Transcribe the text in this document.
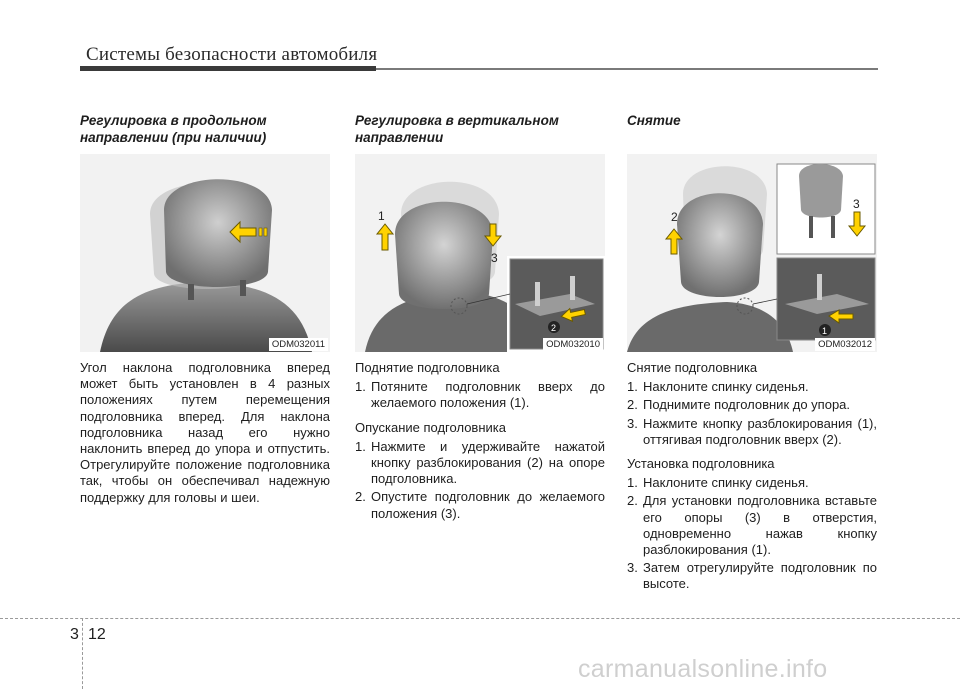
Системы безопасности автомобиля

Регулировка в продольном направлении (при наличии)

ODM032011

Угол наклона подголовника вперед может быть установлен в 4 разных положениях путем перемещения подголовника вперед. Для наклона подголовника назад его нужно наклонить вперед до упора и отпустить. Отрегулируйте положение подголовника так, чтобы он обеспечивал надежную поддержку для головы и шеи.

Регулировка в вертикальном направлении

1
3
2
ODM032010

Поднятие подголовника

1. Потяните подголовник вверх до желаемого положения (1).

Опускание подголовника

1. Нажмите и удерживайте нажатой кнопку разблокирования (2) на опоре подголовника.
2. Опустите подголовник до желаемого положения (3).

Снятие

2
3
1
ODM032012

Снятие подголовника

1. Наклоните спинку сиденья.
2. Поднимите подголовник до упора.
3. Нажмите кнопку разблокирования (1), оттягивая подголовник вверх (2).

Установка подголовника

1. Наклоните спинку сиденья.
2. Для установки подголовника вставьте его опоры (3) в отверстия, одновременно нажав кнопку разблокирования (1).
3. Затем отрегулируйте подголовник по высоте.
3 12
carmanualsonline.info
